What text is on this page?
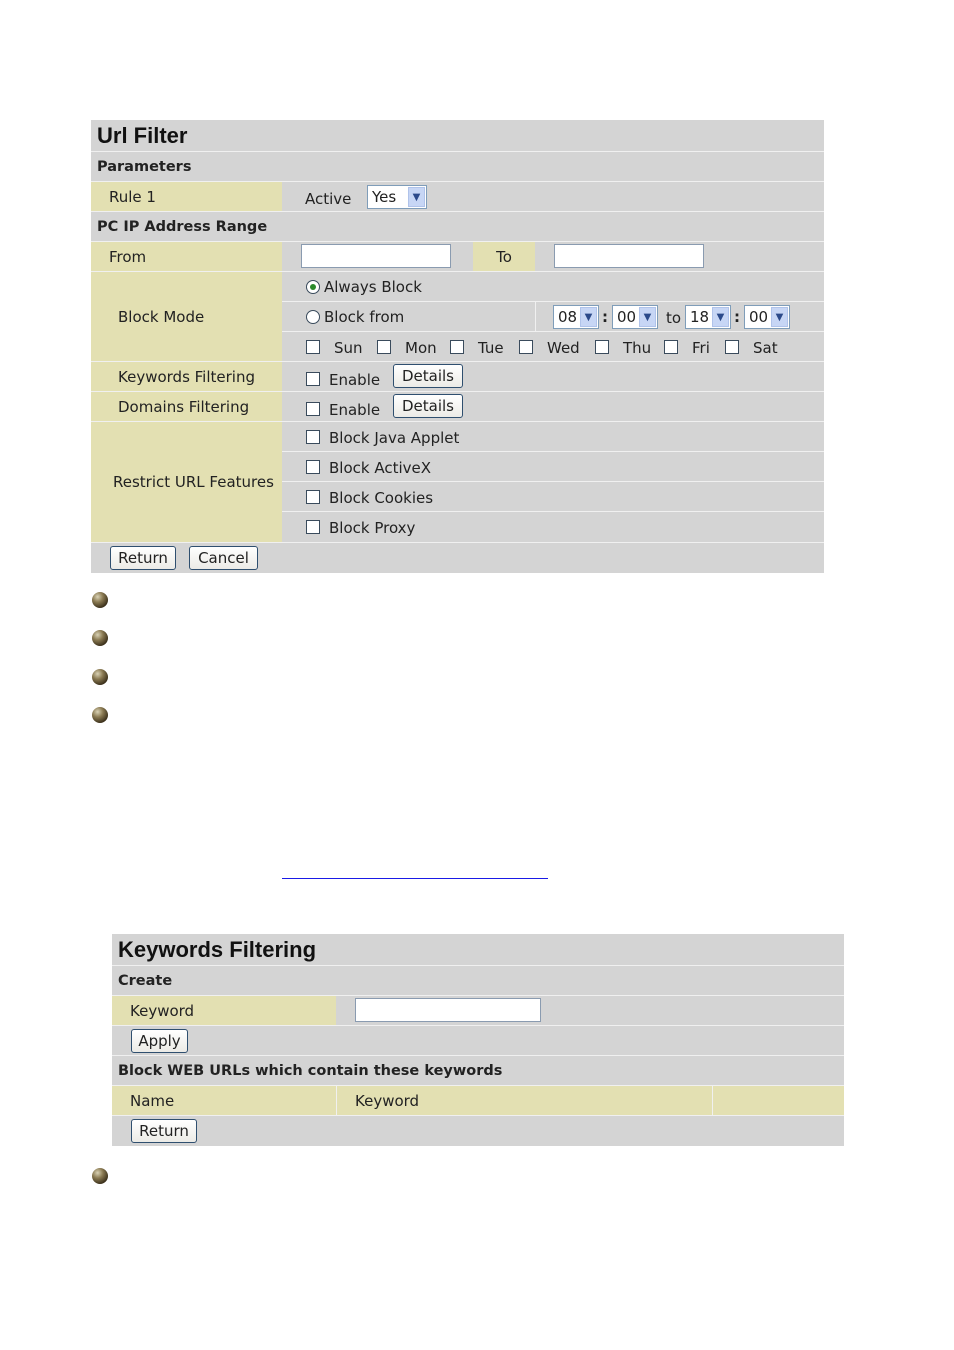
Url Filter
Parameters
Rule 1	Active Yes	▼
PC IP Address Range
From	To
Block Mode
Always Block
Block from	08 ▼ : 00 ▼ to 18 ▼ : 00 ▼
Sun	Mon	Tue	Wed	Thu	Fri	Sat
Keywords Filtering	Enable	Details
Domains Filtering	Enable	Details
Restrict URL Features
Block Java Applet
Block ActiveX
Block Cookies
Block Proxy
Return	Cancel
Keywords Filtering
Create
Keyword
Apply
Block WEB URLs which contain these keywords
Name	Keyword
Return
